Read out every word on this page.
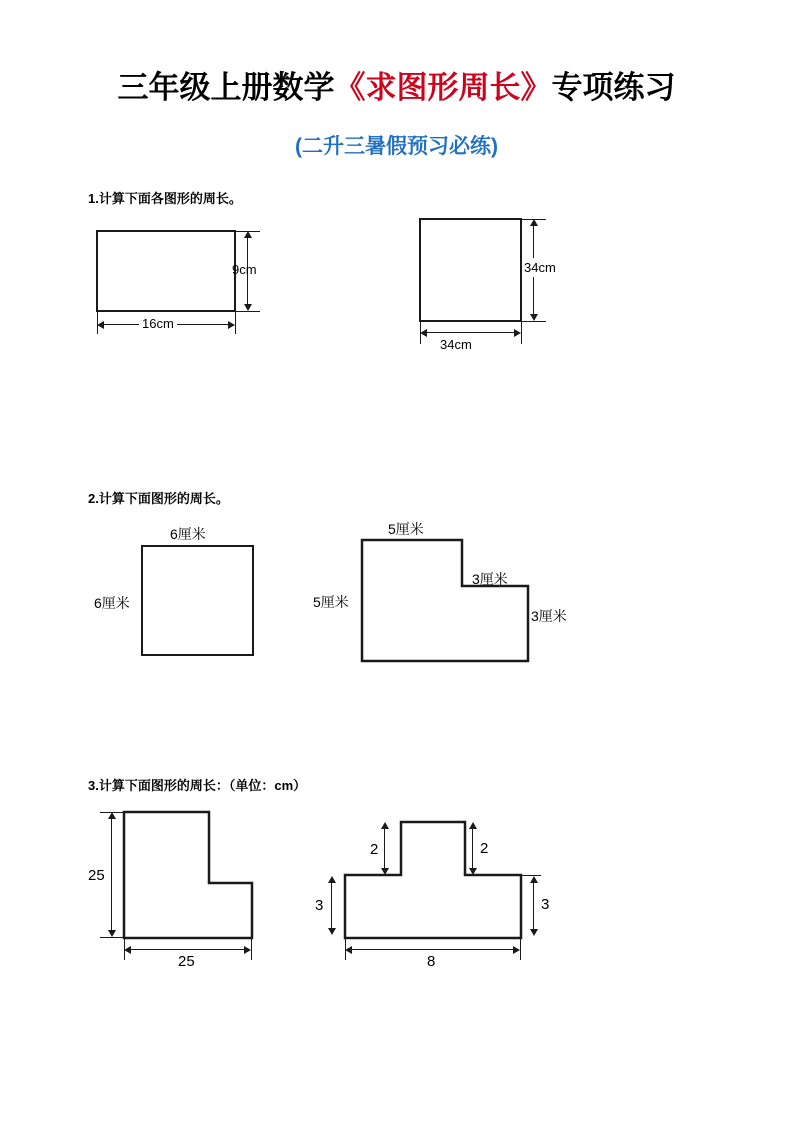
三年级上册数学《求图形周长》专项练习
(二升三暑假预习必练)
1.计算下面各图形的周长。
9cm
16cm
34cm
34cm
2.计算下面图形的周长。
6厘米
6厘米
5厘米
5厘米
3厘米
3厘米
3.计算下面图形的周长：（单位：cm）
25
25
2	2
3	3
8
